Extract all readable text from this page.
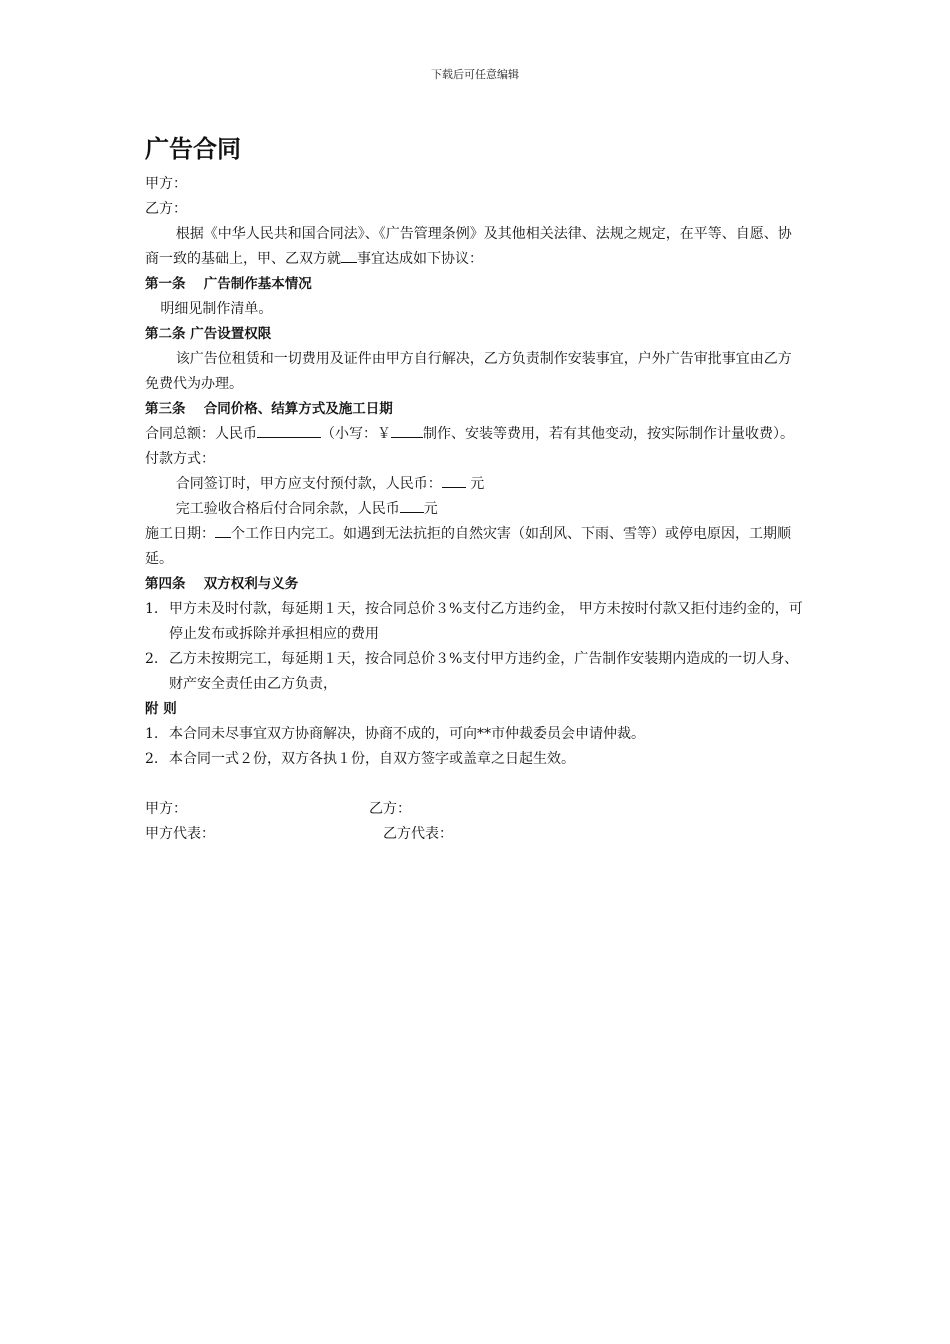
下载后可任意编辑
广告合同

甲方：

乙方：

根据《中华人民共和国合同法》、《广告管理条例》及其他相关法律、法规之规定，在平等、自愿、协商一致的基础上，甲、乙双方就 事宜达成如下协议：

第一条　 广告制作基本情况

明细见制作清单。

第二条 广告设置权限

该广告位租赁和一切费用及证件由甲方自行解决，乙方负责制作安装事宜，户外广告审批事宜由乙方免费代为办理。

第三条　 合同价格、结算方式及施工日期

合同总额：人民币	（小写：￥ 制作、安装等费用，若有其他变动，按实际制作计量收费）。

付款方式：

合同签订时，甲方应支付预付款，人民币： 元

完工验收合格后付合同余款，人民币 元

施工日期： 个工作日内完工。如遇到无法抗拒的自然灾害（如刮风、下雨、雪等）或停电原因，工期顺延。

第四条　 双方权利与义务

1. 甲方未及时付款，每延期１天，按合同总价３%支付乙方违约金， 甲方未按时付款又拒付违约金的，可停止发布或拆除并承担相应的费用
2. 乙方未按期完工，每延期１天，按合同总价３%支付甲方违约金，广告制作安装期内造成的一切人身、财产安全责任由乙方负责，

附 则

1. 本合同未尽事宜双方协商解决，协商不成的，可向**市仲裁委员会申请仲裁。
2. 本合同一式２份，双方各执１份，自双方签字或盖章之日起生效。
甲方：	乙方：
甲方代表：	乙方代表：
